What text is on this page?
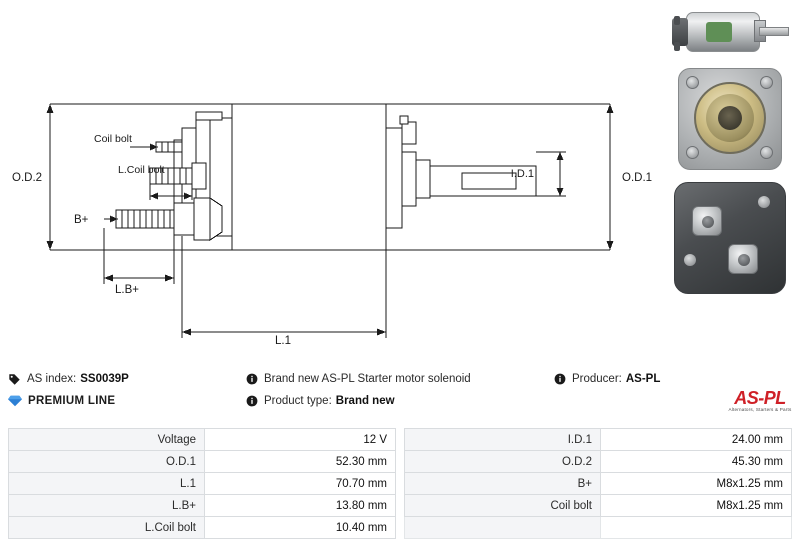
O.D.2	O.D.1
I.D.1
L.1
L.B+
B+
Coil bolt
L.Coil bolt
AS index: SS0039P
PREMIUM LINE
Brand new AS-PL Starter motor solenoid
Product type: Brand new
Producer: AS-PL
AS-PL
Alternators, Starters & Parts
Voltage	12 V
O.D.1	52.30 mm
L.1	70.70 mm
L.B+	13.80 mm
L.Coil bolt	10.40 mm
I.D.1	24.00 mm
O.D.2	45.30 mm
B+	M8x1.25 mm
Coil bolt	M8x1.25 mm
